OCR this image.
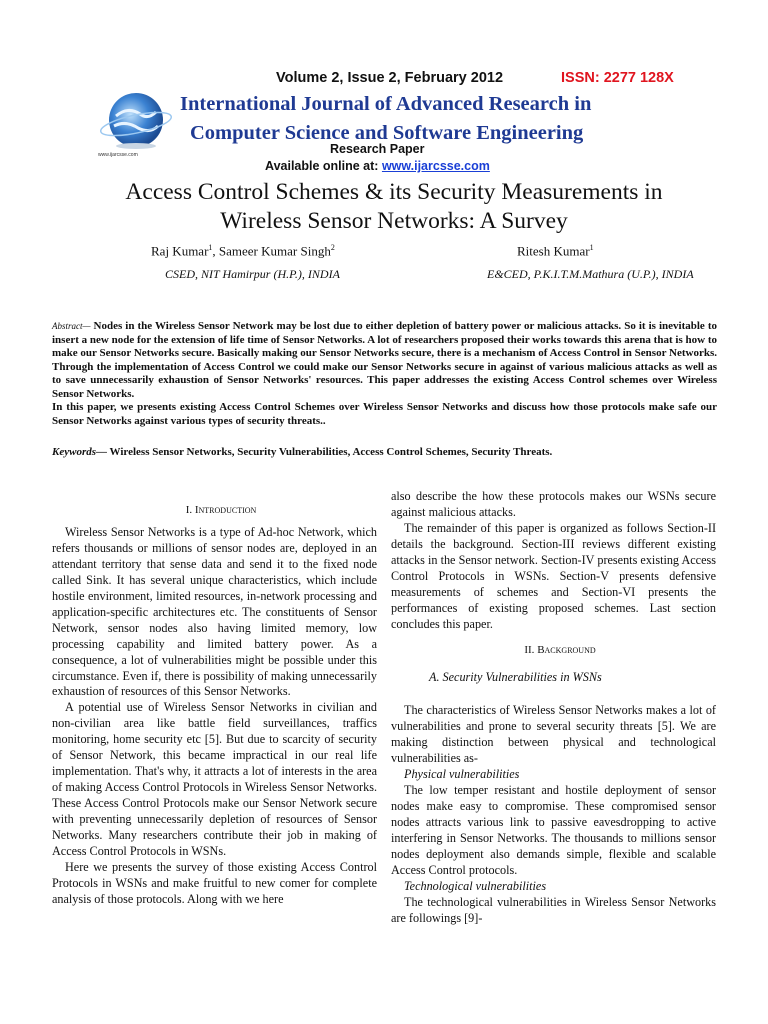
www.ijarcsse.com
Volume 2, Issue 2, February 2012	ISSN: 2277 128X
International Journal of Advanced Research in
Computer Science and Software Engineering
Research Paper
Available online at: www.ijarcsse.com
Access Control Schemes & its Security Measurements in
Wireless Sensor Networks: A Survey
Raj Kumar$^1$, Sameer Kumar Singh$^2$	Ritesh Kumar$^1$
CSED, NIT Hamirpur (H.P.), INDIA	E&CED, P.K.I.T.M.Mathura (U.P.), INDIA
Abstract— Nodes in the Wireless Sensor Network may be lost due to either depletion of battery power or malicious attacks. So it is inevitable to insert a new node for the extension of life time of Sensor Networks. A lot of researchers proposed their works towards this arena that is how to make our Sensor Networks secure. Basically making our Sensor Networks secure, there is a mechanism of Access Control in Sensor Networks. Through the implementation of Access Control we could make our Sensor Networks secure in against of various malicious attacks as well as to save unnecessarily exhaustion of Sensor Networks' resources. This paper addresses the existing Access Control schemes over Wireless Sensor Networks.
In this paper, we presents existing Access Control Schemes over Wireless Sensor Networks and discuss how those protocols make safe our Sensor Networks against various types of security threats..
Keywords— Wireless Sensor Networks, Security Vulnerabilities, Access Control Schemes, Security Threats.

I. Introduction

Wireless Sensor Networks is a type of Ad-hoc Network, which refers thousands or millions of sensor nodes are, deployed in an attendant territory that sense data and send it to the fixed node called Sink. It has several unique characteristics, which include hostile environment, limited resources, in-network processing and application-specific architectures etc. The constituents of Sensor Network, sensor nodes also having limited memory, low processing capability and limited battery power. As a consequence, a lot of vulnerabilities might be possible under this circumstance. Even if, there is possibility of making unnecessarily exhaustion of resources of this Sensor Networks.

A potential use of Wireless Sensor Networks in civilian and non-civilian area like battle field surveillances, traffics monitoring, home security etc [5]. But due to scarcity of security of Sensor Network, this became impractical in our real life implementation. That's why, it attracts a lot of interests in the area of making Access Control Protocols in Wireless Sensor Networks. These Access Control Protocols make our Sensor Network secure with preventing unnecessarily depletion of resources of Sensor Networks. Many researchers contribute their job in making of Access Control Protocols in WSNs.

Here we presents the survey of those existing Access Control Protocols in WSNs and make fruitful to new comer for complete analysis of those protocols. Along with we here

also describe the how these protocols makes our WSNs secure against malicious attacks.

The remainder of this paper is organized as follows Section-II details the background. Section-III reviews different existing attacks in the Sensor network. Section-IV presents existing Access Control Protocols in WSNs. Section-V presents defensive measurements of schemes and Section-VI presents the performances of existing proposed schemes. Last section concludes this paper.

II. Background

A. Security Vulnerabilities in WSNs

The characteristics of Wireless Sensor Networks makes a lot of vulnerabilities and prone to several security threats [5]. We are making distinction between physical and technological vulnerabilities as-

Physical vulnerabilities

The low temper resistant and hostile deployment of sensor nodes make easy to compromise. These compromised sensor nodes attracts various link to passive eavesdropping to active interfering in Sensor Networks. The thousands to millions sensor nodes deployment also demands simple, flexible and scalable Access Control protocols.

Technological vulnerabilities

The technological vulnerabilities in Wireless Sensor Networks are followings [9]-
